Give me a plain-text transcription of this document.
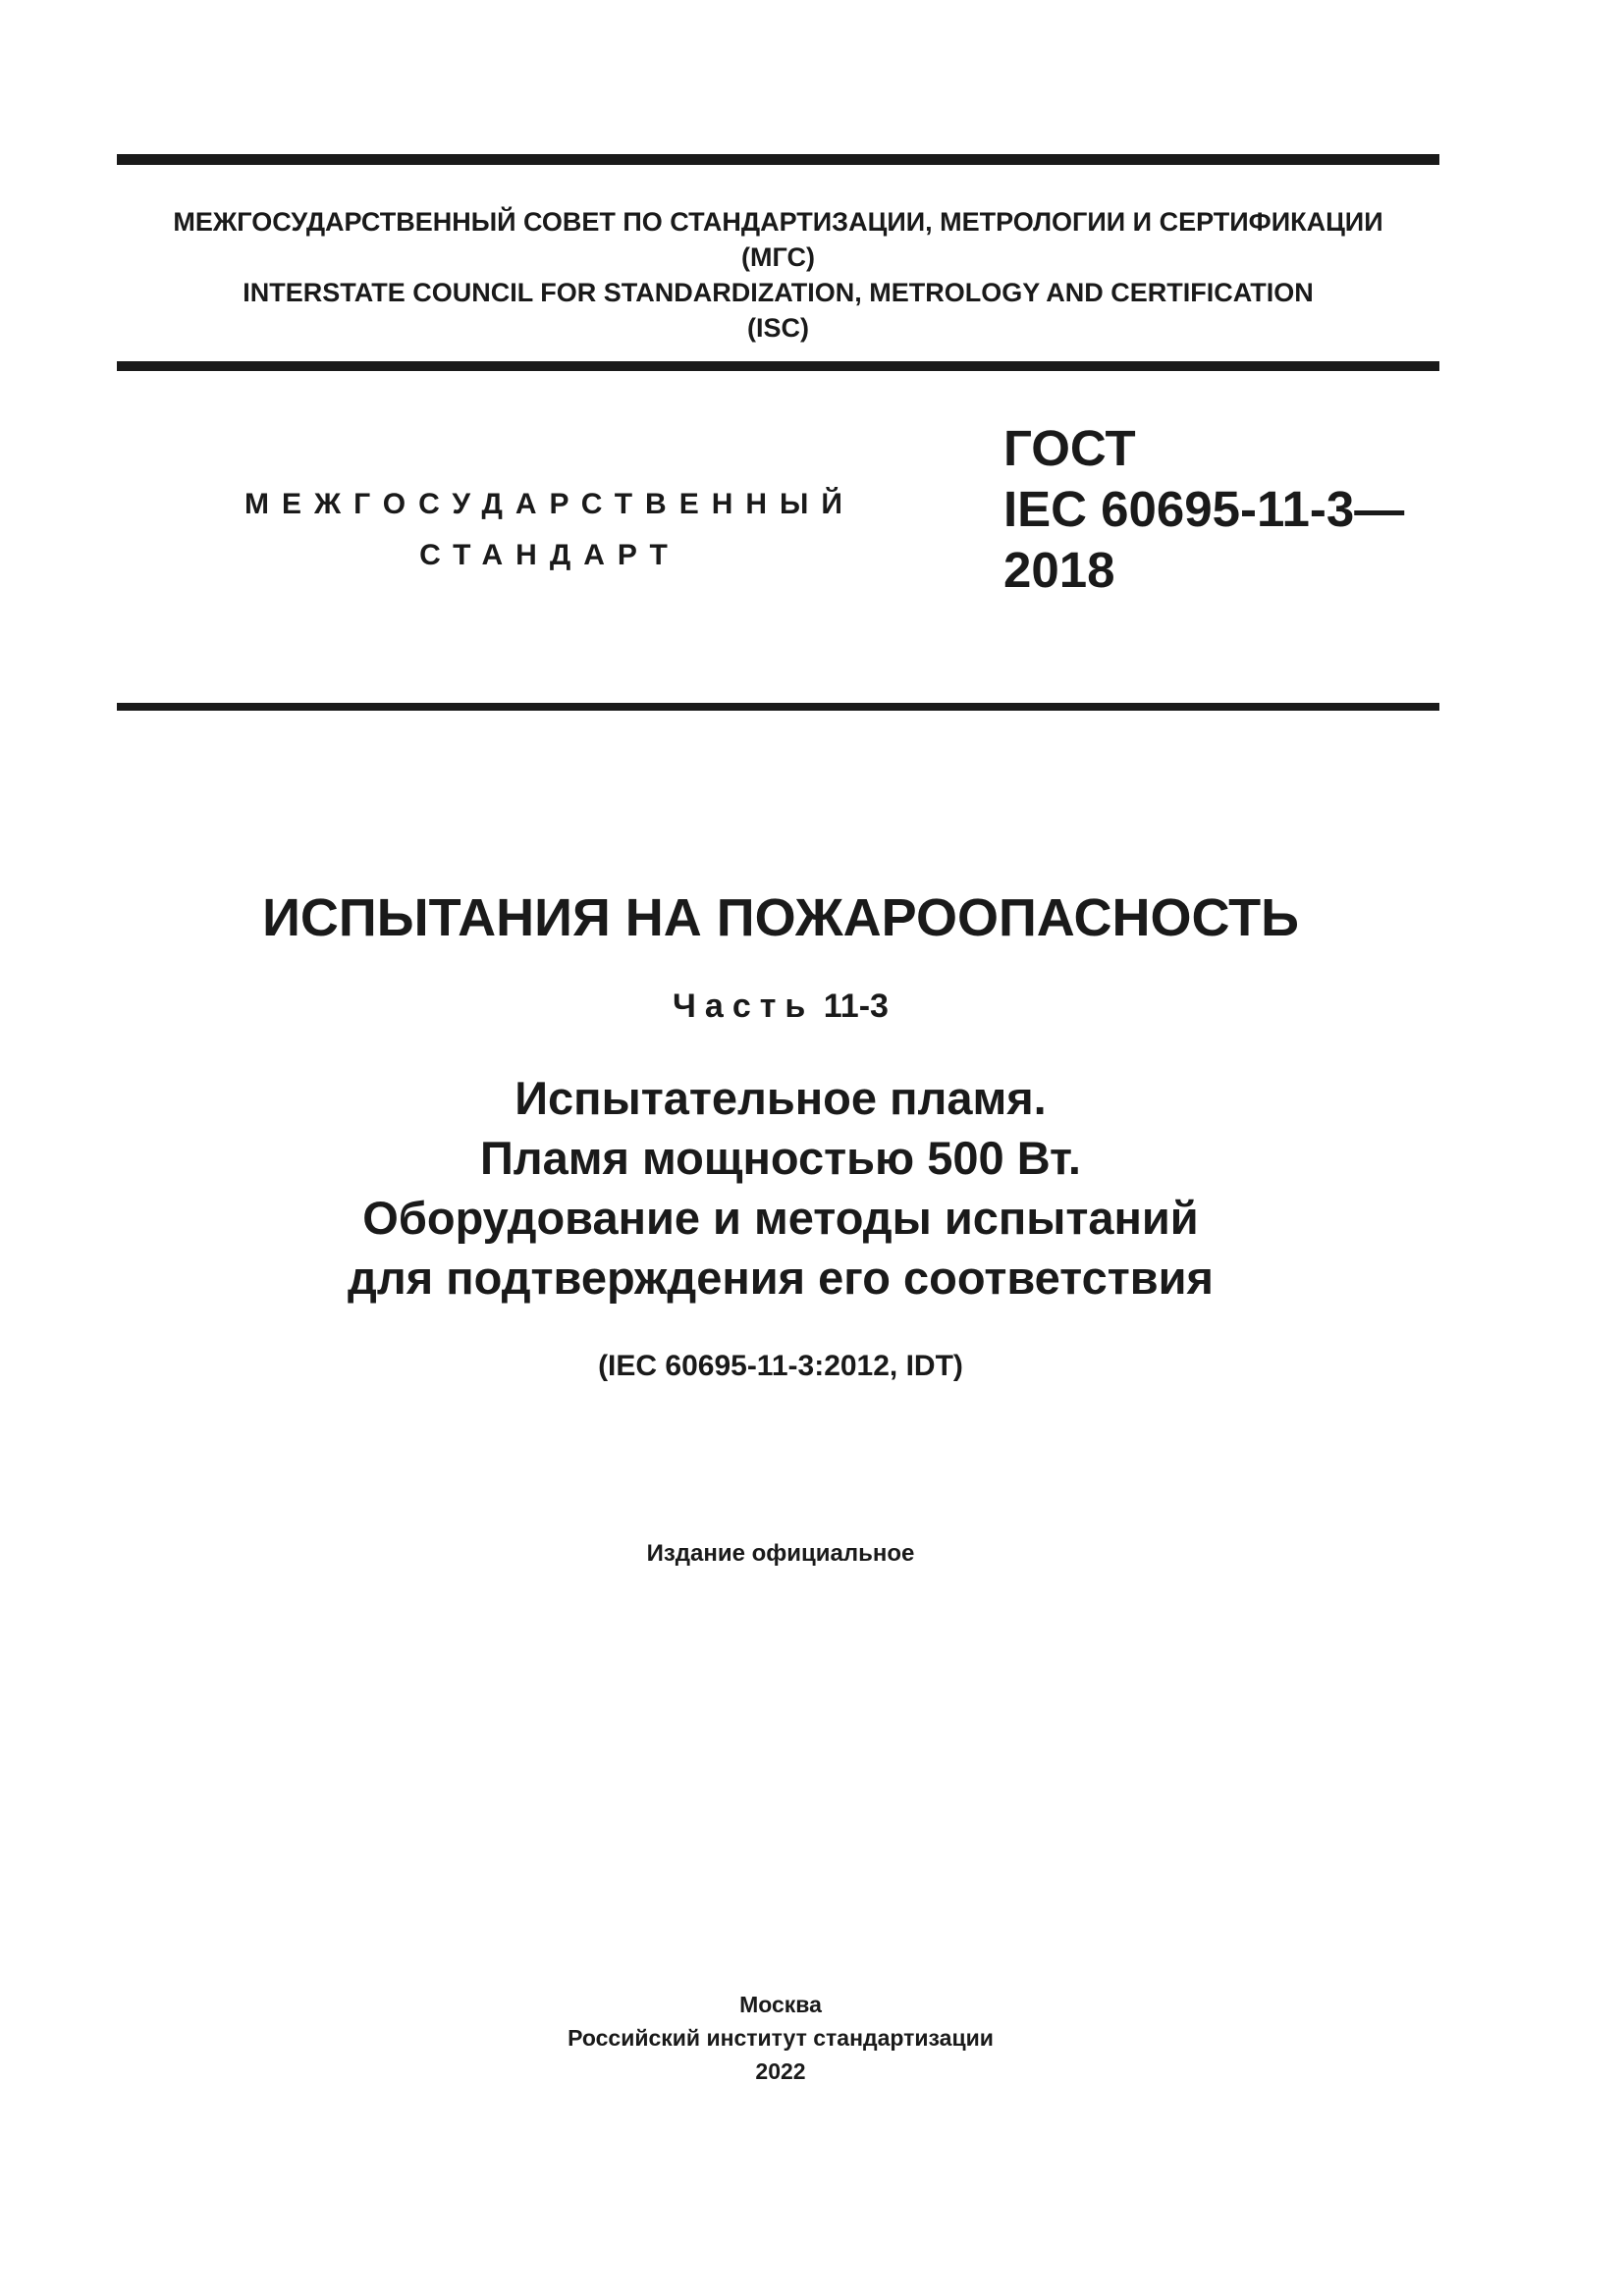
МЕЖГОСУДАРСТВЕННЫЙ СОВЕТ ПО СТАНДАРТИЗАЦИИ, МЕТРОЛОГИИ И СЕРТИФИКАЦИИ
(МГС)
INTERSTATE COUNCIL FOR STANDARDIZATION, METROLOGY AND CERTIFICATION
(ISC)
МЕЖГОСУДАРСТВЕННЫЙ
СТАНДАРТ
ГОСТ
IEC 60695-11-3—
2018
ИСПЫТАНИЯ НА ПОЖАРООПАСНОСТЬ
Часть 11-3
Испытательное пламя.
Пламя мощностью 500 Вт.
Оборудование и методы испытаний
для подтверждения его соответствия
(IEC 60695-11-3:2012, IDT)
Издание официальное
Москва
Российский институт стандартизации
2022
